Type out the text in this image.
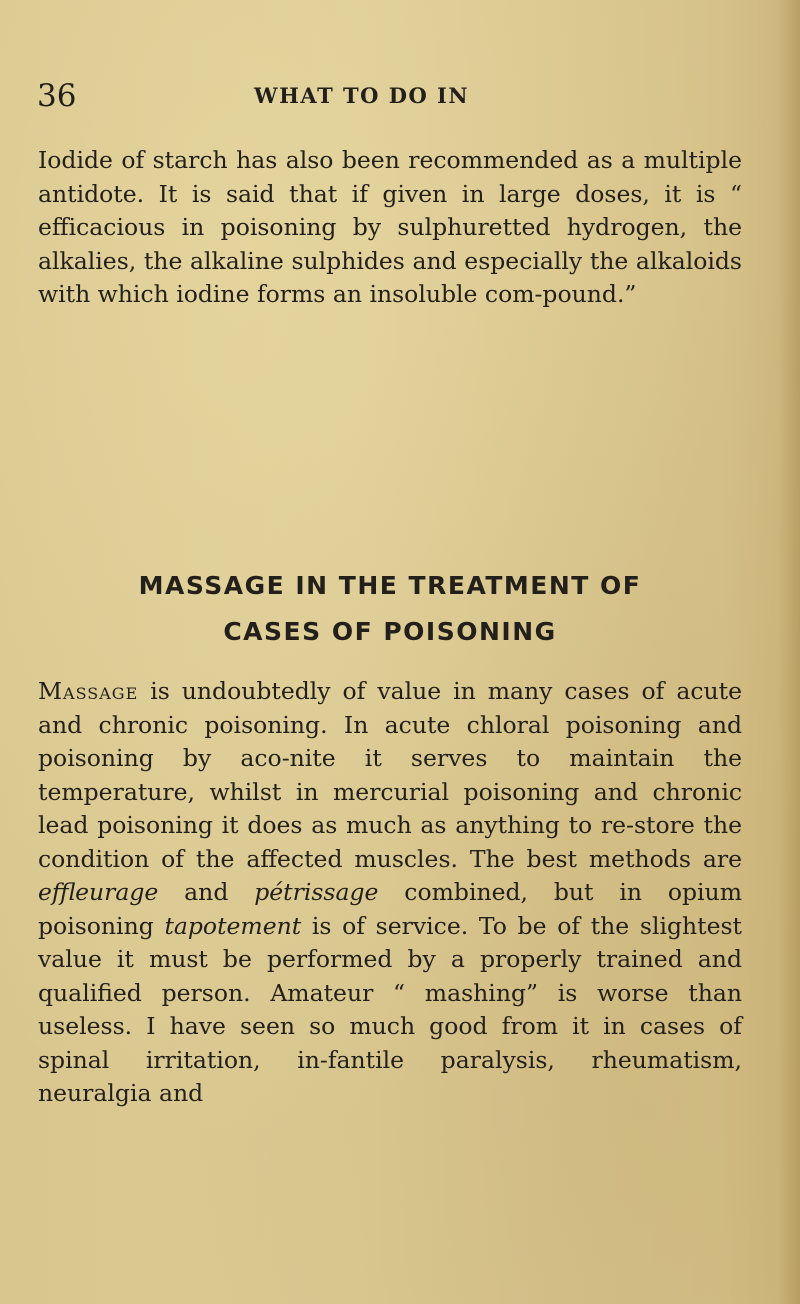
36	WHAT TO DO IN

Iodide of starch has also been recommended as a multiple antidote. It is said that if given in large doses, it is “ efficacious in poisoning by sulphuretted hydrogen, the alkalies, the alkaline sulphides and especially the alkaloids with which iodine forms an insoluble com-pound.”

MASSAGE IN THE TREATMENT OF
CASES OF POISONING

Massage is undoubtedly of value in many cases of acute and chronic poisoning. In acute chloral poisoning and poisoning by aco-nite it serves to maintain the temperature, whilst in mercurial poisoning and chronic lead poisoning it does as much as anything to re-store the condition of the affected muscles. The best methods are effleurage and pétrissage combined, but in opium poisoning tapotement is of service. To be of the slightest value it must be performed by a properly trained and qualified person. Amateur “ mashing” is worse than useless. I have seen so much good from it in cases of spinal irritation, in-fantile paralysis, rheumatism, neuralgia and
